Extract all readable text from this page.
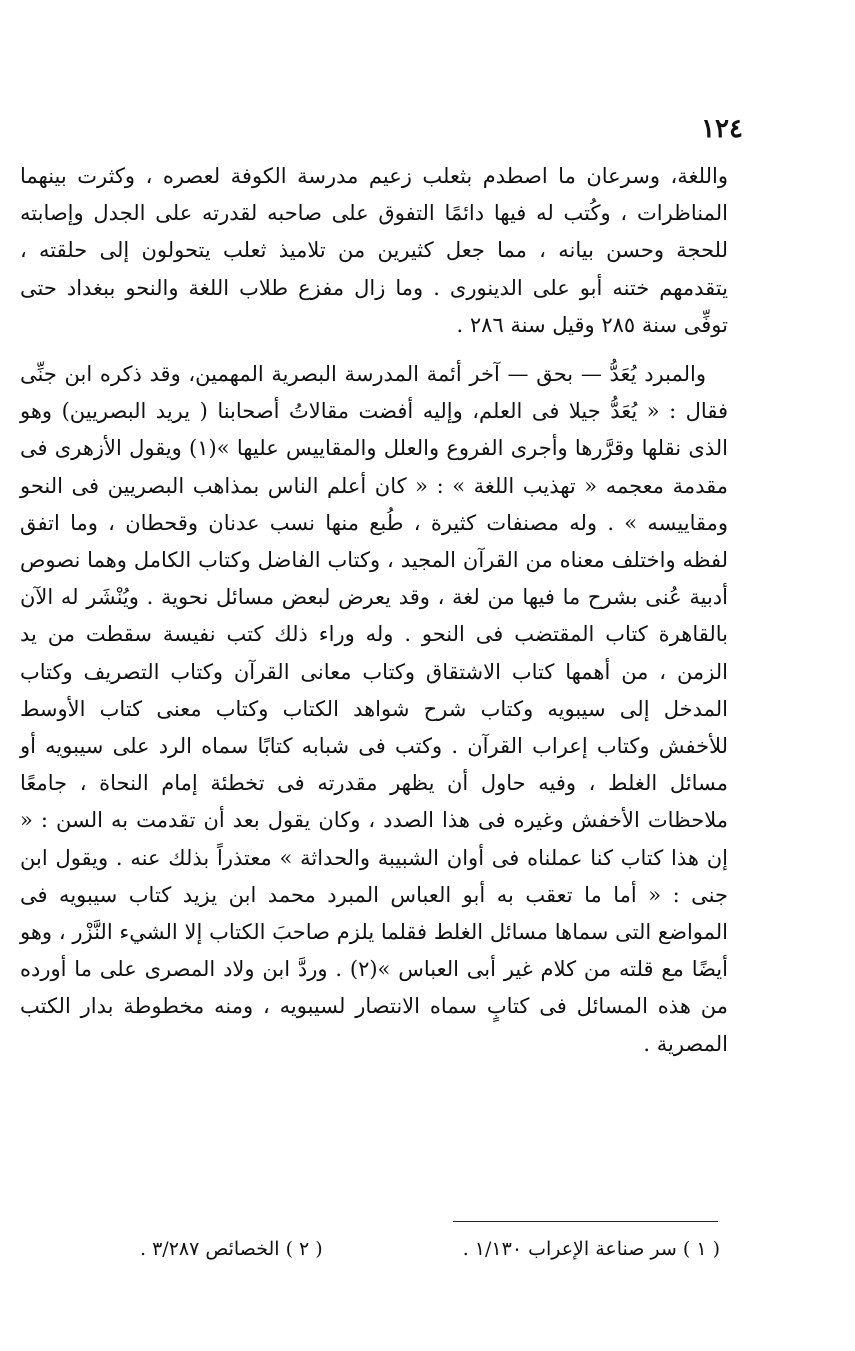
١٢٤

واللغة، وسرعان ما اصطدم بثعلب زعيم مدرسة الكوفة لعصره ، وكثرت بينهما المناظرات ، وكُتب له فيها دائمًا التفوق على صاحبه لقدرته على الجدل وإصابته للحجة وحسن بيانه ، مما جعل كثيرين من تلاميذ ثعلب يتحولون إلى حلقته ، يتقدمهم ختنه أبو على الدينورى . وما زال مفزع طلاب اللغة والنحو ببغداد حتى توفِّى سنة ٢٨٥ وقيل سنة ٢٨٦ .

والمبرد يُعَدُّ — بحق — آخر أئمة المدرسة البصرية المهمين، وقد ذكره ابن جنِّى فقال : « يُعَدُّ جيلا فى العلم، وإليه أفضت مقالاتُ أصحابنا ( يريد البصريين) وهو الذى نقلها وقرَّرها وأجرى الفروع والعلل والمقاييس عليها »(١) ويقول الأزهرى فى مقدمة معجمه « تهذيب اللغة » : « كان أعلم الناس بمذاهب البصريين فى النحو ومقاييسه » . وله مصنفات كثيرة ، طُبع منها نسب عدنان وقحطان ، وما اتفق لفظه واختلف معناه من القرآن المجيد ، وكتاب الفاضل وكتاب الكامل وهما نصوص أدبية عُنى بشرح ما فيها من لغة ، وقد يعرض لبعض مسائل نحوية . ويُنْشَر له الآن بالقاهرة كتاب المقتضب فى النحو . وله وراء ذلك كتب نفيسة سقطت من يد الزمن ، من أهمها كتاب الاشتقاق وكتاب معانى القرآن وكتاب التصريف وكتاب المدخل إلى سيبويه وكتاب شرح شواهد الكتاب وكتاب معنى كتاب الأوسط للأخفش وكتاب إعراب القرآن . وكتب فى شبابه كتابًا سماه الرد على سيبويه أو مسائل الغلط ، وفيه حاول أن يظهر مقدرته فى تخطئة إمام النحاة ، جامعًا ملاحظات الأخفش وغيره فى هذا الصدد ، وكان يقول بعد أن تقدمت به السن : « إن هذا كتاب كنا عملناه فى أوان الشبيبة والحداثة » معتذراً بذلك عنه . ويقول ابن جنى : « أما ما تعقب به أبو العباس المبرد محمد ابن يزيد كتاب سيبويه فى المواضع التى سماها مسائل الغلط فقلما يلزم صاحبَ الكتاب إلا الشيء النَّزْر ، وهو أيضًا مع قلته من كلام غير أبى العباس »(٢) . وردَّ ابن ولاد المصرى على ما أورده من هذه المسائل فى كتابٍ سماه الانتصار لسيبويه ، ومنه مخطوطة بدار الكتب المصرية .

( ١ ) سر صناعة الإعراب ١/١٣٠ .
( ٢ ) الخصائص ٣/٢٨٧ .
